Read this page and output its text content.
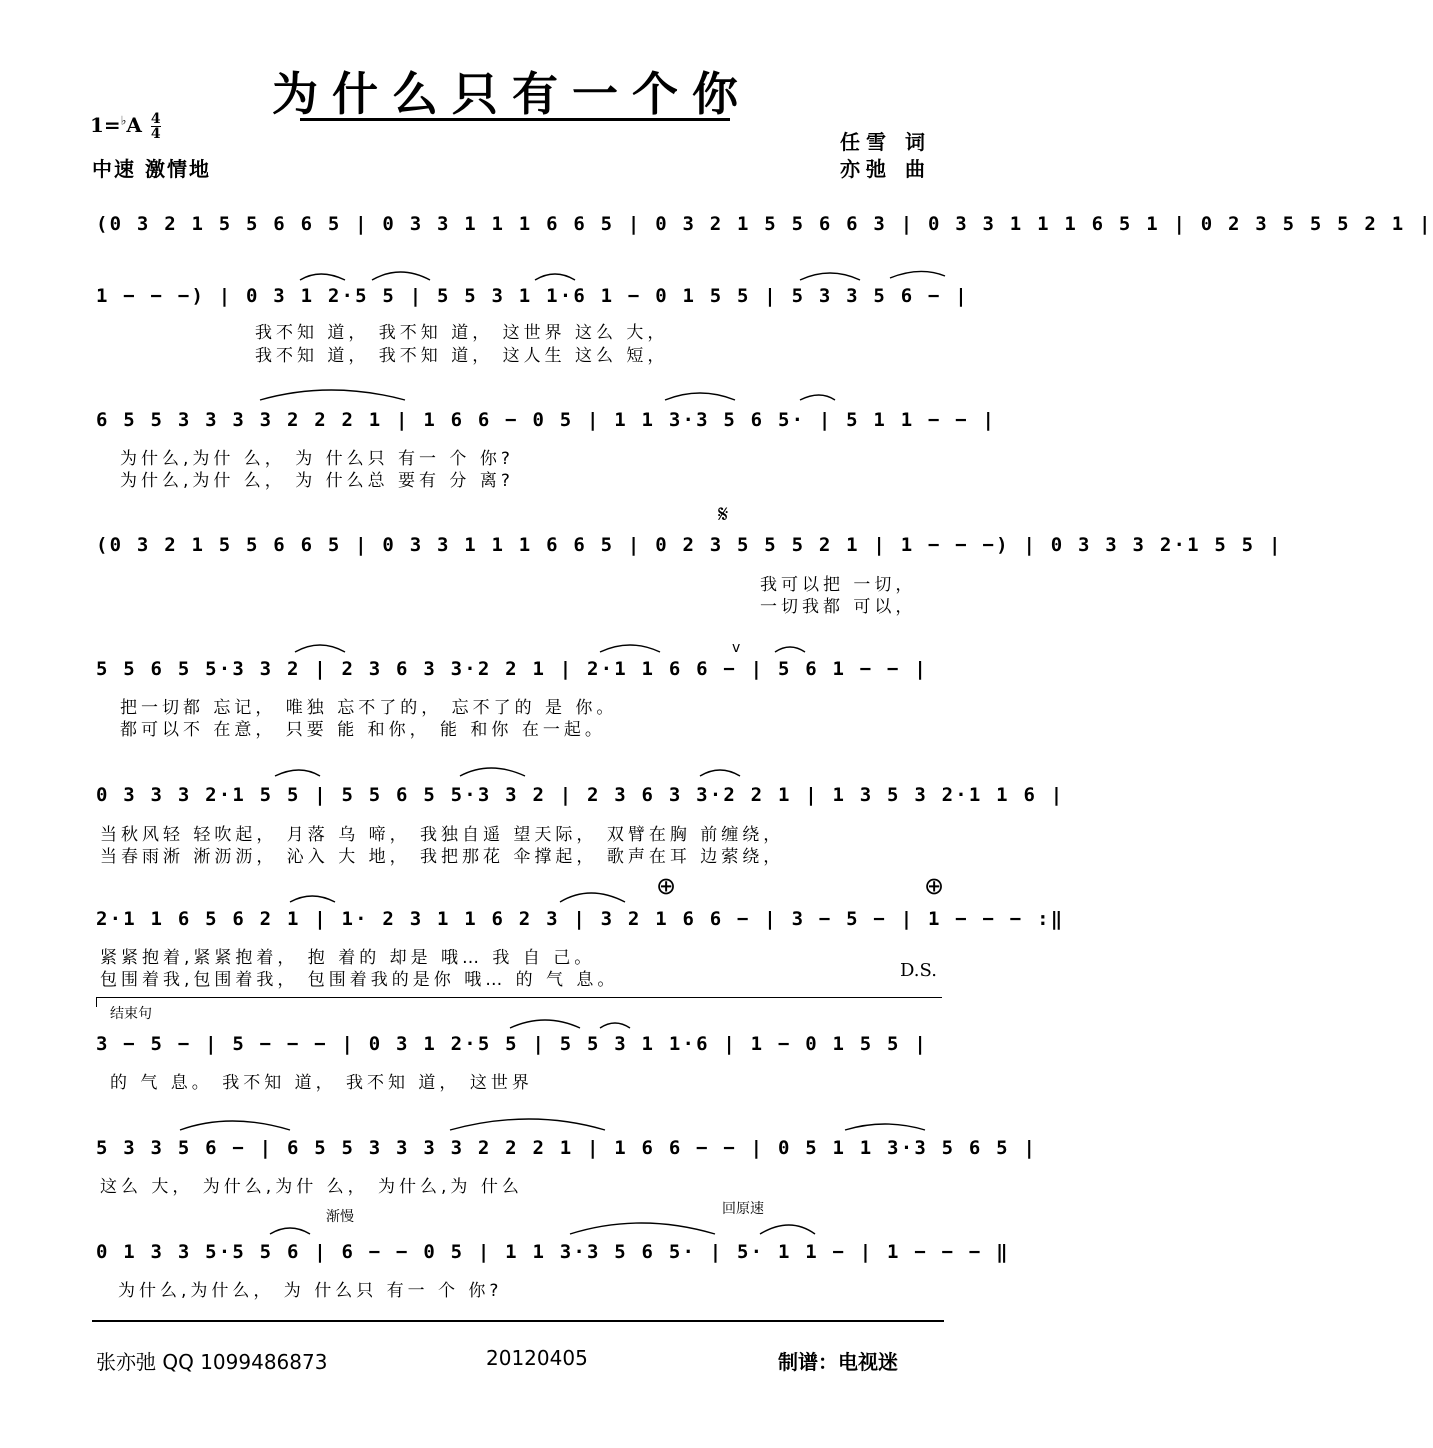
为什么只有一个你
$1=^♭A \frac{4}{4}$
中速 激情地
任雪 词
亦弛 曲
(0 3 2 1 5 5 6 6 5 | 0 3 3 1 1 1 6 6 5 | 0 3 2 1 5 5 6 6 3 | 0 3 3 1 1 1 6 5 1 | 0 2 3 5 5 5 2 1 |
1 − − −) | 0 3 1 2·5 5 | 5 5 3 1 1·6 1 − 0 1 5 5 | 5 3 3 5 6 − |
我不知 道， 我不知 道， 这世界 这么 大，
我不知 道， 我不知 道， 这人生 这么 短，
6 5 5 3 3 3 3 2 2 2 1 | 1 6 6 − 0 5 | 1 1 3·3 5 6 5· | 5 1 1 − − |
为什么,为什 么， 为 什么只 有一 个 你?
为什么,为什 么， 为 什么总 要有 分 离?
𝄋
(0 3 2 1 5 5 6 6 5 | 0 3 3 1 1 1 6 6 5 | 0 2 3 5 5 5 2 1 | 1 − − −) | 0 3 3 3 2·1 5 5 |
我可以把 一切，
一切我都 可以，
v
5 5 6 5 5·3 3 2 | 2 3 6 3 3·2 2 1 | 2·1 1 6 6 − | 5 6 1 − − |
把一切都 忘记， 唯独 忘不了的， 忘不了的 是 你。
都可以不 在意， 只要 能 和你， 能 和你 在一起。
0 3 3 3 2·1 5 5 | 5 5 6 5 5·3 3 2 | 2 3 6 3 3·2 2 1 | 1 3 5 3 2·1 1 6 |
当秋风轻 轻吹起， 月落 乌 啼， 我独自遥 望天际， 双臂在胸 前缠绕，
当春雨淅 淅沥沥， 沁入 大 地， 我把那花 伞撑起， 歌声在耳 边萦绕，
⊕	⊕
2·1 1 6 5 6 2 1 | 1· 2 3 1 1 6 2 3 | 3 2 1 6 6 − | 3 − 5 − | 1 − − − :‖
紧紧抱着,紧紧抱着， 抱 着的 却是 哦… 我 自 己。
包围着我,包围着我， 包围着我的是你 哦… 的 气 息。	D.S.
结束句
3 − 5 − | 5 − − − | 0 3 1 2·5 5 | 5 5 3 1 1·6 | 1 − 0 1 5 5 |
的 气 息。 我不知 道， 我不知 道， 这世界
5 3 3 5 6 − | 6 5 5 3 3 3 3 2 2 2 1 | 1 6 6 − − | 0 5 1 1 3·3 5 6 5 |
这么 大， 为什么,为什 么， 为什么,为 什么
渐慢	回原速
0 1 3 3 5·5 5 6 | 6 − − 0 5 | 1 1 3·3 5 6 5· | 5· 1 1 − | 1 − − − ‖
为什么,为什么， 为 什么只 有一 个 你?
张亦弛 QQ 1099486873	20120405	制谱：电视迷
